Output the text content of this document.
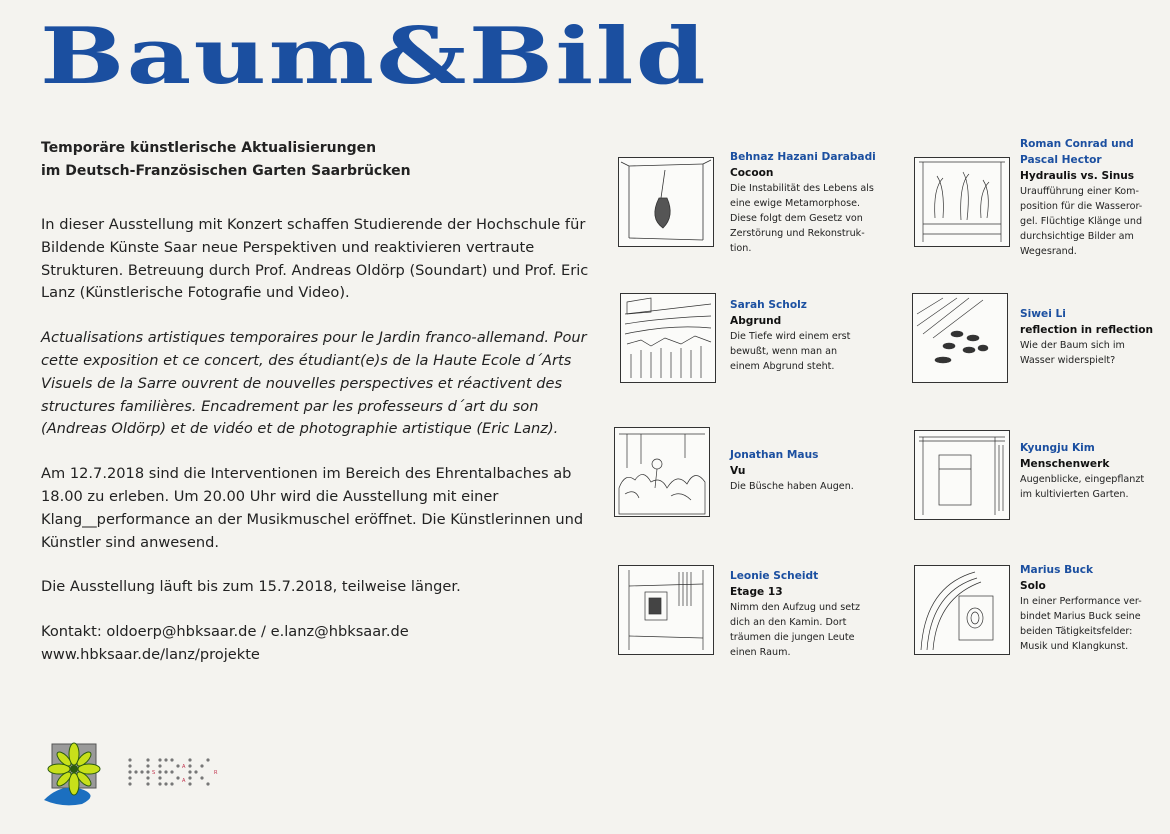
Baum&Bild
Temporäre künstlerische Aktualisierungen
im Deutsch-Französischen Garten Saarbrücken
In dieser Ausstellung mit Konzert schaffen Studierende der Hochschule für Bildende Künste Saar neue Perspektiven und reaktivieren vertraute Strukturen. Betreuung durch Prof. Andreas Oldörp (Soundart) und Prof. Eric Lanz (Künstlerische Fotografie und Video).
Actualisations artistiques temporaires pour le Jardin franco-allemand. Pour cette exposition et ce concert, des étudiant(e)s de la Haute Ecole d´Arts Visuels de la Sarre ouvrent de nouvelles perspectives et réactivent des structures familières. Encadrement par les professeurs d´art du son (Andreas Oldörp) et de vidéo et de photographie artistique (Eric Lanz).
Am 12.7.2018 sind die Interventionen im Bereich des Ehrentalbaches ab 18.00 zu erleben. Um 20.00 Uhr wird die Ausstellung mit einer Klang__performance an der Musikmuschel eröffnet. Die Künstlerinnen und Künstler sind anwesend.
Die Ausstellung läuft bis zum 15.7.2018, teilweise länger.
Kontakt: oldoerp@hbksaar.de / e.lanz@hbksaar.de
www.hbksaar.de/lanz/projekte
Behnaz Hazani Darabadi
Cocoon
Die Instabilität des Lebens als eine ewige Metamorphose. Diese folgt dem Gesetz von Zerstörung und Rekonstruk-tion.
Roman Conrad und Pascal Hector
Hydraulis vs. Sinus
Uraufführung einer Kom-position für die Wasseror-gel. Flüchtige Klänge und durchsichtige Bilder am Wegesrand.
Sarah Scholz
Abgrund
Die Tiefe wird einem erst bewußt, wenn man an einem Abgrund steht.
Siwei Li
reflection in reflection
Wie der Baum sich im Wasser widerspielt?
Jonathan Maus
Vu
Die Büsche haben Augen.
Kyungju Kim
Menschenwerk
Augenblicke, eingepflanzt im kultivierten Garten.
Leonie Scheidt
Etage 13
Nimm den Aufzug und setz dich an den Kamin. Dort träumen die jungen Leute einen Raum.
Marius Buck
Solo
In einer Performance ver-bindet Marius Buck seine beiden Tätigkeitsfelder: Musik und Klangkunst.
S
A
A
R
